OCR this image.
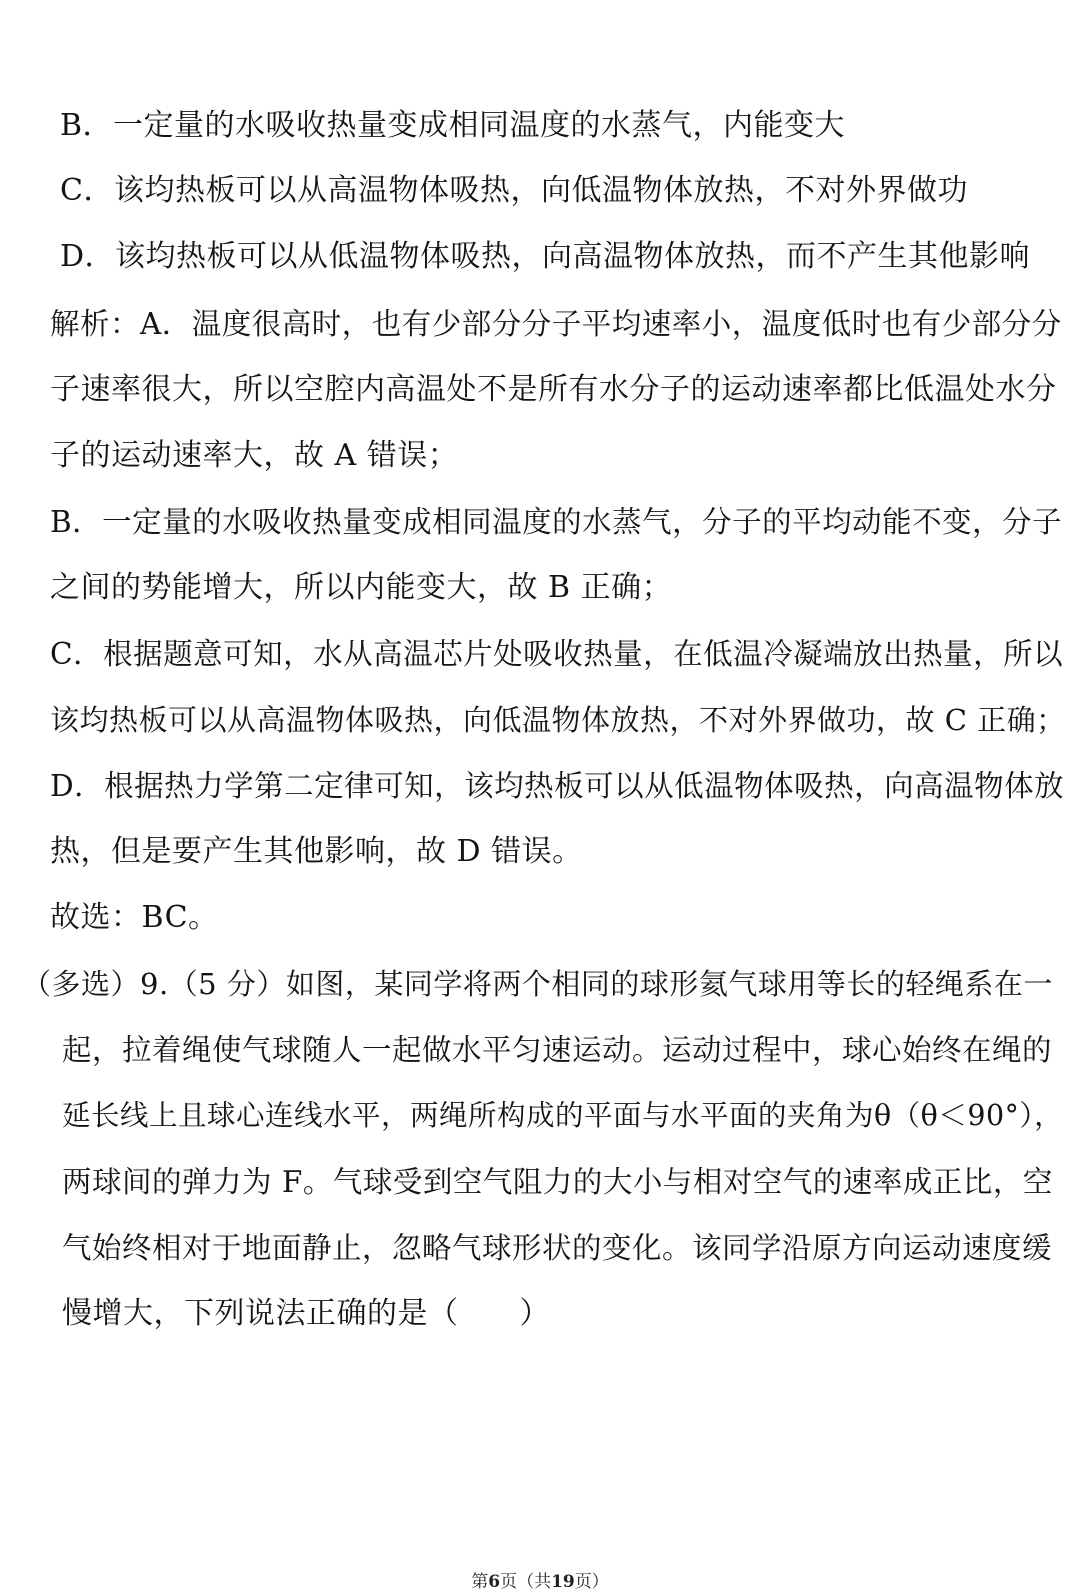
B．一定量的水吸收热量变成相同温度的水蒸气，内能变大
C．该均热板可以从高温物体吸热，向低温物体放热，不对外界做功
D．该均热板可以从低温物体吸热，向高温物体放热，而不产生其他影响
解析：A．温度很高时，也有少部分分子平均速率小，温度低时也有少部分分
子速率很大，所以空腔内高温处不是所有水分子的运动速率都比低温处水分
子的运动速率大，故 A 错误；
B．一定量的水吸收热量变成相同温度的水蒸气，分子的平均动能不变，分子
之间的势能增大，所以内能变大，故 B 正确；
C．根据题意可知，水从高温芯片处吸收热量，在低温冷凝端放出热量，所以
该均热板可以从高温物体吸热，向低温物体放热，不对外界做功，故 C 正确；
D．根据热力学第二定律可知，该均热板可以从低温物体吸热，向高温物体放
热，但是要产生其他影响，故 D 错误。
故选：BC。
（多选）9.（5 分）如图，某同学将两个相同的球形氦气球用等长的轻绳系在一
起，拉着绳使气球随人一起做水平匀速运动。运动过程中，球心始终在绳的
延长线上且球心连线水平，两绳所构成的平面与水平面的夹角为θ（θ＜90°），
两球间的弹力为 F。气球受到空气阻力的大小与相对空气的速率成正比，空
气始终相对于地面静止，忽略气球形状的变化。该同学沿原方向运动速度缓
慢增大，下列说法正确的是（　　）
第6页（共19页）
